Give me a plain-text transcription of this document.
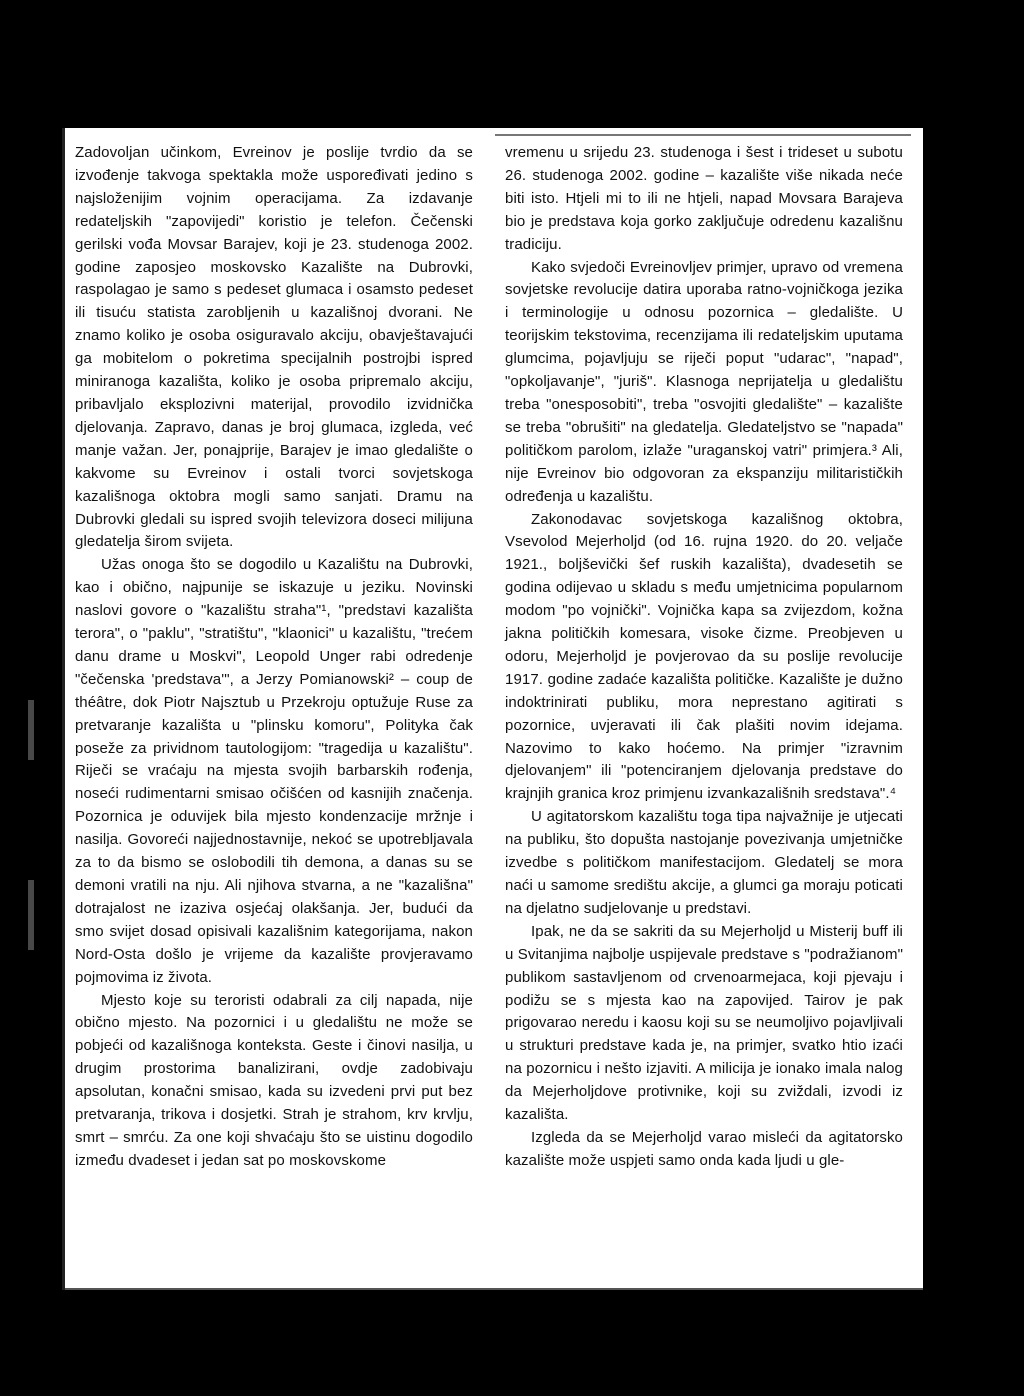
Zadovoljan učinkom, Evreinov je poslije tvrdio da se izvođenje takvoga spektakla može uspoređivati jedino s najsloženijim vojnim operacijama. Za izdavanje redateljskih "zapovijedi" koristio je telefon. Čečenski gerilski vođa Movsar Barajev, koji je 23. studenoga 2002. godine zaposjeo moskovsko Kazalište na Dubrovki, raspolagao je samo s pedeset glumaca i osamsto pedeset ili tisuću statista zarobljenih u kazališnoj dvorani. Ne znamo koliko je osoba osiguravalo akciju, obavještavajući ga mobitelom o pokretima specijalnih postrojbi ispred miniranoga kazališta, koliko je osoba pripremalo akciju, pribavljalo eksplozivni materijal, provodilo izvidnička djelovanja. Zapravo, danas je broj glumaca, izgleda, već manje važan. Jer, ponajprije, Barajev je imao gledalište o kakvome su Evreinov i ostali tvorci sovjetskoga kazališnoga oktobra mogli samo sanjati. Dramu na Dubrovki gledali su ispred svojih televizora doseci milijuna gledatelja širom svijeta.

Užas onoga što se dogodilo u Kazalištu na Dubrovki, kao i obično, najpunije se iskazuje u jeziku. Novinski naslovi govore o "kazalištu straha"¹, "predstavi kazališta terora", o "paklu", "stratištu", "klaonici" u kazalištu, "trećem danu drame u Moskvi", Leopold Unger rabi odredenje "čečenska 'predstava'", a Jerzy Pomianowski² – coup de théâtre, dok Piotr Najsztub u Przekroju optužuje Ruse za pretvaranje kazališta u "plinsku komoru", Polityka čak poseže za prividnom tautologijom: "tragedija u kazalištu". Riječi se vraćaju na mjesta svojih barbarskih rođenja, noseći rudimentarni smisao očišćen od kasnijih značenja. Pozornica je oduvijek bila mjesto kondenzacije mržnje i nasilja. Govoreći najjednostavnije, nekoć se upotrebljavala za to da bismo se oslobodili tih demona, a danas su se demoni vratili na nju. Ali njihova stvarna, a ne "kazališna" dotrajalost ne izaziva osjećaj olakšanja. Jer, budući da smo svijet dosad opisivali kazališnim kategorijama, nakon Nord-Osta došlo je vrijeme da kazalište provjeravamo pojmovima iz života.

Mjesto koje su teroristi odabrali za cilj napada, nije obično mjesto. Na pozornici i u gledalištu ne može se pobjeći od kazališnoga konteksta. Geste i činovi nasilja, u drugim prostorima banalizirani, ovdje zadobivaju apsolutan, konačni smisao, kada su izvedeni prvi put bez pretvaranja, trikova i dosjetki. Strah je strahom, krv krvlju, smrt – smrću. Za one koji shvaćaju što se uistinu dogodilo između dvadeset i jedan sat po moskovskome

vremenu u srijedu 23. studenoga i šest i trideset u subotu 26. studenoga 2002. godine – kazalište više nikada neće biti isto. Htjeli mi to ili ne htjeli, napad Movsara Barajeva bio je predstava koja gorko zaključuje odredenu kazališnu tradiciju.

Kako svjedoči Evreinovljev primjer, upravo od vremena sovjetske revolucije datira uporaba ratno-vojničkoga jezika i terminologije u odnosu pozornica – gledalište. U teorijskim tekstovima, recenzijama ili redateljskim uputama glumcima, pojavljuju se riječi poput "udarac", "napad", "opkoljavanje", "juriš". Klasnoga neprijatelja u gledalištu treba "onesposobiti", treba "osvojiti gledalište" – kazalište se treba "obrušiti" na gledatelja. Gledateljstvo se "napada" političkom parolom, izlaže "uraganskoj vatri" primjera.³ Ali, nije Evreinov bio odgovoran za ekspanziju militarističkih određenja u kazalištu.

Zakonodavac sovjetskoga kazališnog oktobra, Vsevolod Mejerholjd (od 16. rujna 1920. do 20. veljače 1921., boljševički šef ruskih kazališta), dvadesetih se godina odijevao u skladu s među umjetnicima popularnom modom "po vojnički". Vojnička kapa sa zvijezdom, kožna jakna političkih komesara, visoke čizme. Preobjeven u odoru, Mejerholjd je povjerovao da su poslije revolucije 1917. godine zadaće kazališta političke. Kazalište je dužno indoktrinirati publiku, mora neprestano agitirati s pozornice, uvjeravati ili čak plašiti novim idejama. Nazovimo to kako hoćemo. Na primjer "izravnim djelovanjem" ili "potenciranjem djelovanja predstave do krajnjih granica kroz primjenu izvankazališnih sredstava".⁴

U agitatorskom kazalištu toga tipa najvažnije je utjecati na publiku, što dopušta nastojanje povezivanja umjetničke izvedbe s političkom manifestacijom. Gledatelj se mora naći u samome središtu akcije, a glumci ga moraju poticati na djelatno sudjelovanje u predstavi.

Ipak, ne da se sakriti da su Mejerholjd u Misterij buff ili u Svitanjima najbolje uspijevale predstave s "podražianom" publikom sastavljenom od crvenoarmejaca, koji pjevaju i podižu se s mjesta kao na zapovijed. Tairov je pak prigovarao neredu i kaosu koji su se neumoljivo pojavljivali u strukturi predstave kada je, na primjer, svatko htio izaći na pozornicu i nešto izjaviti. A milicija je ionako imala nalog da Mejerholjdove protivnike, koji su zviždali, izvodi iz kazališta.

Izgleda da se Mejerholjd varao misleći da agitatorsko kazalište može uspjeti samo onda kada ljudi u gle-
